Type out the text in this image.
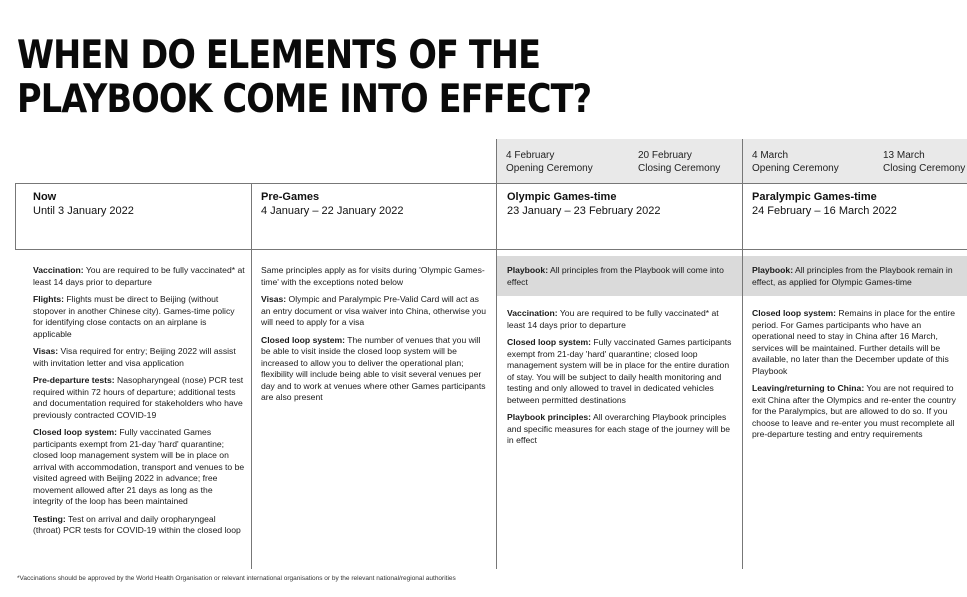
WHEN DO ELEMENTS OF THE
PLAYBOOK COME INTO EFFECT?
4 February
Opening Ceremony
20 February
Closing Ceremony
4 March
Opening Ceremony
13 March
Closing Ceremony
Now
Until 3 January 2022
Pre-Games
4 January – 22 January 2022
Olympic Games-time
23 January – 23 February 2022
Paralympic Games-time
24 February – 16 March 2022

Playbook: All principles from the Playbook will come into effect

Playbook: All principles from the Playbook remain in effect, as applied for Olympic Games-time

Vaccination: You are required to be fully vaccinated* at least 14 days prior to departure

Flights: Flights must be direct to Beijing (without stopover in another Chinese city). Games-time policy for identifying close contacts on an airplane is applicable

Visas: Visa required for entry; Beijing 2022 will assist with invitation letter and visa application

Pre-departure tests: Nasopharyngeal (nose) PCR test required within 72 hours of departure; additional tests and documentation required for stakeholders who have previously contracted COVID-19

Closed loop system: Fully vaccinated Games participants exempt from 21-day 'hard' quarantine; closed loop management system will be in place on arrival with accommodation, transport and venues to be visited agreed with Beijing 2022 in advance; free movement allowed after 21 days as long as the integrity of the loop has been maintained

Testing: Test on arrival and daily oropharyngeal (throat) PCR tests for COVID-19 within the closed loop

Same principles apply as for visits during 'Olympic Games-time' with the exceptions noted below

Visas: Olympic and Paralympic Pre-Valid Card will act as an entry document or visa waiver into China, otherwise you will need to apply for a visa

Closed loop system: The number of venues that you will be able to visit inside the closed loop system will be increased to allow you to deliver the operational plan; flexibility will include being able to visit several venues per day and to work at venues where other Games participants are also present

Vaccination: You are required to be fully vaccinated* at least 14 days prior to departure

Closed loop system: Fully vaccinated Games participants exempt from 21-day 'hard' quarantine; closed loop management system will be in place for the entire duration of stay. You will be subject to daily health monitoring and testing and only allowed to travel in dedicated vehicles between permitted destinations

Playbook principles: All overarching Playbook principles and specific measures for each stage of the journey will be in effect

Closed loop system: Remains in place for the entire period. For Games participants who have an operational need to stay in China after 16 March, services will be maintained. Further details will be available, no later than the December update of this Playbook

Leaving/returning to China: You are not required to exit China after the Olympics and re-enter the country for the Paralympics, but are allowed to do so. If you choose to leave and re-enter you must recomplete all pre-departure testing and entry requirements

*Vaccinations should be approved by the World Health Organisation or relevant international organisations or by the relevant national/regional authorities
